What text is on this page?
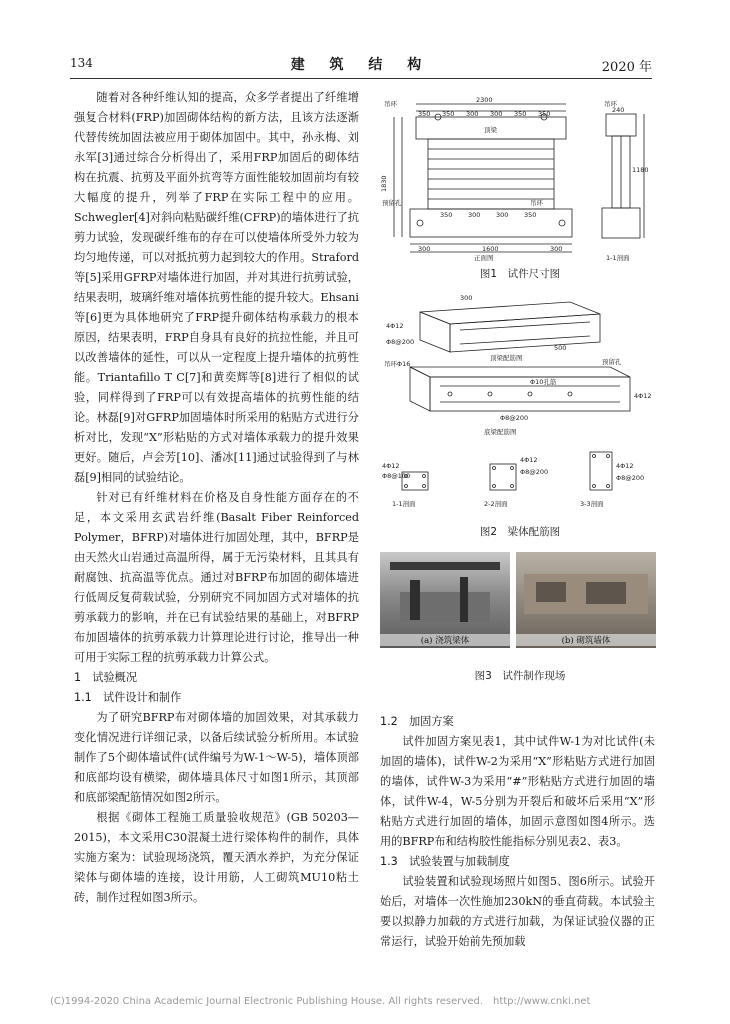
134	建 筑 结 构	2020 年
随着对各种纤维认知的提高，众多学者提出了纤维增强复合材料(FRP)加固砌体结构的新方法，且该方法逐渐代替传统加固法被应用于砌体加固中。其中，孙永梅、刘永军[3]通过综合分析得出了，采用FRP加固后的砌体结构在抗震、抗剪及平面外抗弯等方面性能较加固前均有较大幅度的提升，列举了FRP在实际工程中的应用。Schwegler[4]对斜向粘贴碳纤维(CFRP)的墙体进行了抗剪力试验，发现碳纤维布的存在可以使墙体所受外力较为均匀地传递，可以对抵抗剪力起到较大的作用。Straford等[5]采用GFRP对墙体进行加固，并对其进行抗剪试验，结果表明，玻璃纤维对墙体抗剪性能的提升较大。Ehsani等[6]更为具体地研究了FRP提升砌体结构承载力的根本原因，结果表明，FRP自身具有良好的抗拉性能，并且可以改善墙体的延性，可以从一定程度上提升墙体的抗剪性能。Triantafillo T C[7]和黄奕辉等[8]进行了相似的试验，同样得到了FRP可以有效提高墙体的抗剪性能的结论。林磊[9]对GFRP加固墙体时所采用的粘贴方式进行分析对比，发现“X”形粘贴的方式对墙体承载力的提升效果更好。随后，卢会芳[10]、潘冰[11]通过试验得到了与林磊[9]相同的试验结论。
针对已有纤维材料在价格及自身性能方面存在的不足，本文采用玄武岩纤维(Basalt Fiber Reinforced Polymer，BFRP)对墙体进行加固处理，其中，BFRP是由天然火山岩通过高温所得，属于无污染材料，且其具有耐腐蚀、抗高温等优点。通过对BFRP布加固的砌体墙进行低周反复荷载试验，分别研究不同加固方式对墙体的抗剪承载力的影响，并在已有试验结果的基础上，对BFRP布加固墙体的抗剪承载力计算理论进行讨论，推导出一种可用于实际工程的抗剪承载力计算公式。
1　试验概况
1.1　试件设计和制作
为了研究BFRP布对砌体墙的加固效果，对其承载力变化情况进行详细记录，以备后续试验分析所用。本试验制作了5个砌体墙试件(试件编号为W-1～W-5)，墙体顶部和底部均设有横梁，砌体墙具体尺寸如图1所示，其顶部和底部梁配筋情况如图2所示。
根据《砌体工程施工质量验收规范》(GB 50203—2015)，本文采用C30混凝土进行梁体构件的制作，具体实施方案为：试验现场浇筑，覆天洒水养护，为充分保证梁体与砌体墙的连接，设计用筋，人工砌筑MU10粘土砖，制作过程如图3所示。
吊环	2300
350 350 300 300 350 350
顶梁
1830
预留孔	吊环
350 300 300 350
300	1600	300
正面图
吊环
240
1180
1-1剖面
图1　试件尺寸图
300
4Φ12
Φ8@200
500
顶梁配筋图
吊环Φ16	预留孔
Φ10孔筋
4Φ12
Φ8@200
底梁配筋图
4Φ12
Φ8@100
4Φ12
Φ8@200
4Φ12
Φ8@200
1-1剖面	2-2剖面	3-3剖面
图2　梁体配筋图
(a) 浇筑梁体	(b) 砌筑墙体
图3　试件制作现场
1.2　加固方案
试件加固方案见表1，其中试件W-1为对比试件(未加固的墙体)，试件W-2为采用“X”形粘贴方式进行加固的墙体，试件W-3为采用“#”形粘贴方式进行加固的墙体，试件W-4，W-5分别为开裂后和破坏后采用“X”形粘贴方式进行加固的墙体，加固示意图如图4所示。选用的BFRP布和结构胶性能指标分别见表2、表3。
1.3　试验装置与加载制度
试验装置和试验现场照片如图5、图6所示。试验开始后，对墙体一次性施加230kN的垂直荷载。本试验主要以拟静力加载的方式进行加载，为保证试验仪器的正常运行，试验开始前先预加载
(C)1994-2020 China Academic Journal Electronic Publishing House. All rights reserved.　http://www.cnki.net
